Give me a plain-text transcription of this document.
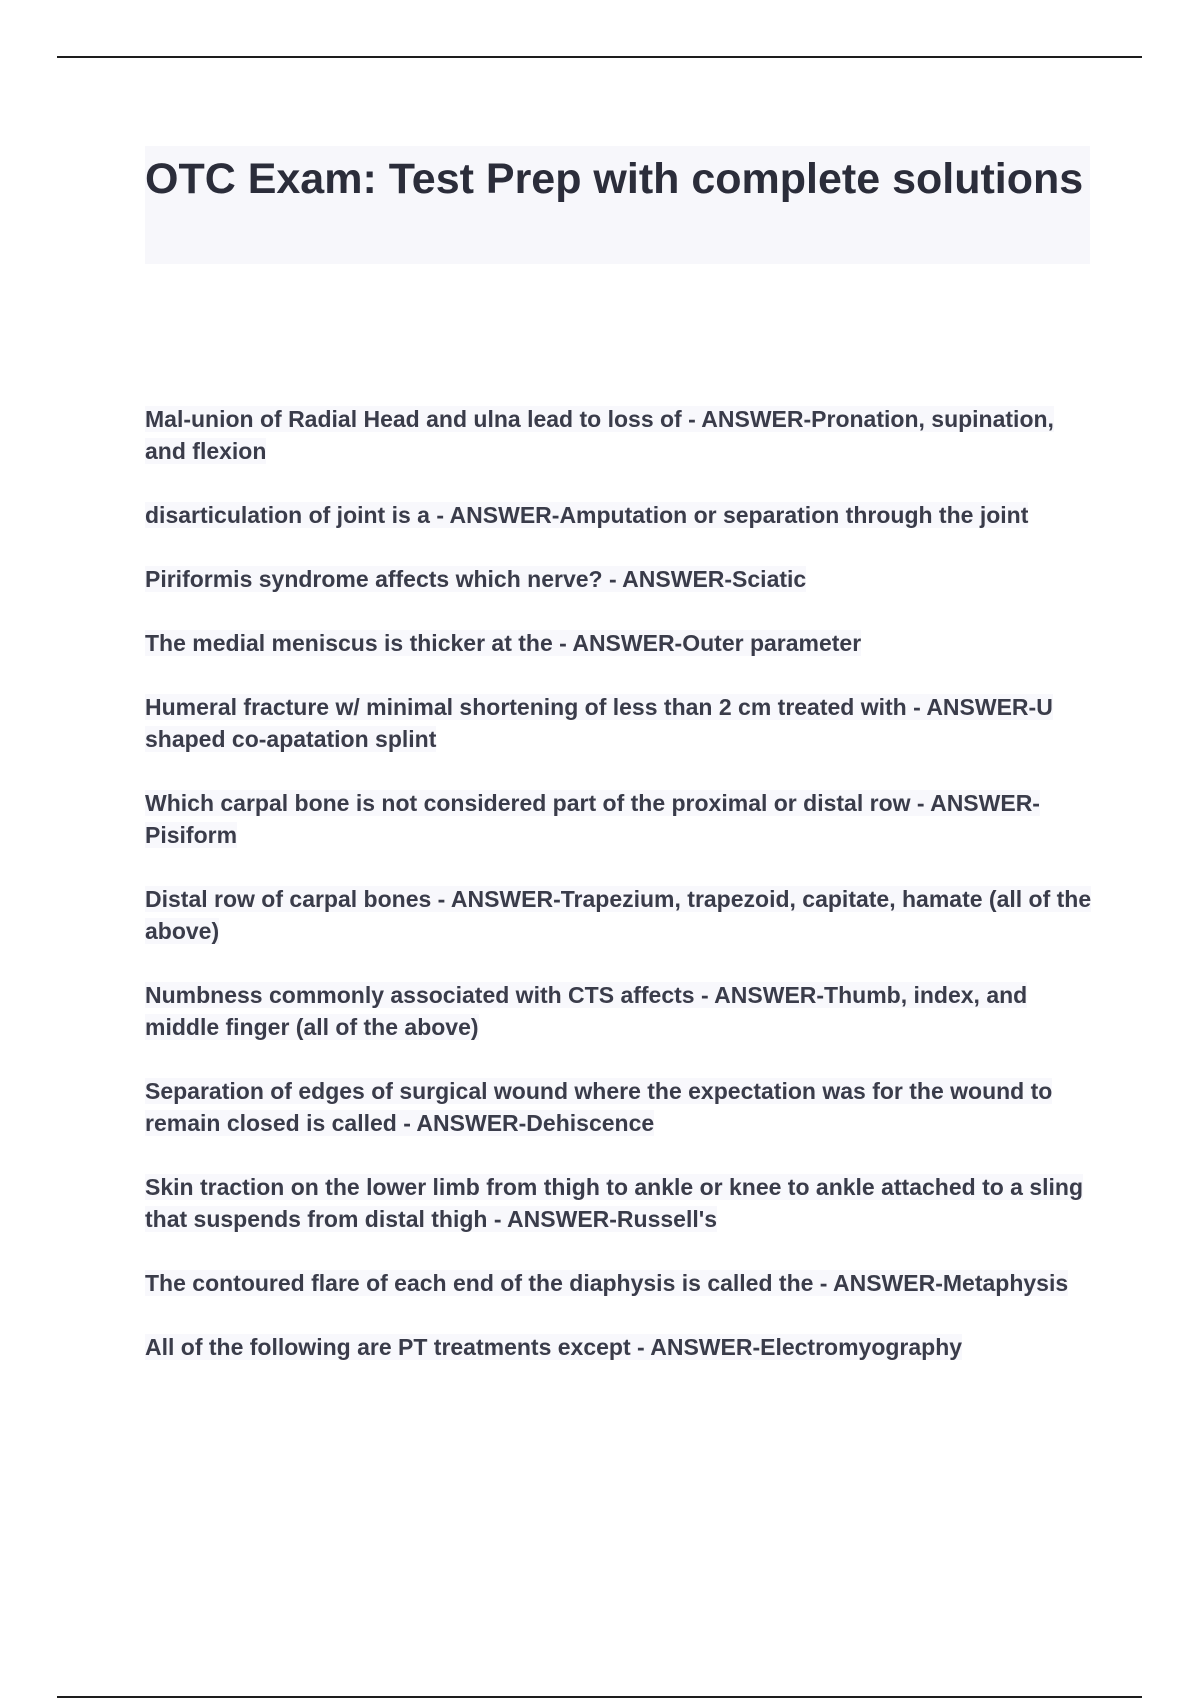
OTC Exam: Test Prep with complete solutions

Mal-union of Radial Head and ulna lead to loss of - ANSWER-Pronation, supination, and flexion

disarticulation of joint is a - ANSWER-Amputation or separation through the joint

Piriformis syndrome affects which nerve? - ANSWER-Sciatic

The medial meniscus is thicker at the - ANSWER-Outer parameter

Humeral fracture w/ minimal shortening of less than 2 cm treated with - ANSWER-U shaped co-apatation splint

Which carpal bone is not considered part of the proximal or distal row - ANSWER-Pisiform

Distal row of carpal bones - ANSWER-Trapezium, trapezoid, capitate, hamate (all of the above)

Numbness commonly associated with CTS affects - ANSWER-Thumb, index, and middle finger (all of the above)

Separation of edges of surgical wound where the expectation was for the wound to remain closed is called - ANSWER-Dehiscence

Skin traction on the lower limb from thigh to ankle or knee to ankle attached to a sling that suspends from distal thigh - ANSWER-Russell's

The contoured flare of each end of the diaphysis is called the - ANSWER-Metaphysis

All of the following are PT treatments except - ANSWER-Electromyography
